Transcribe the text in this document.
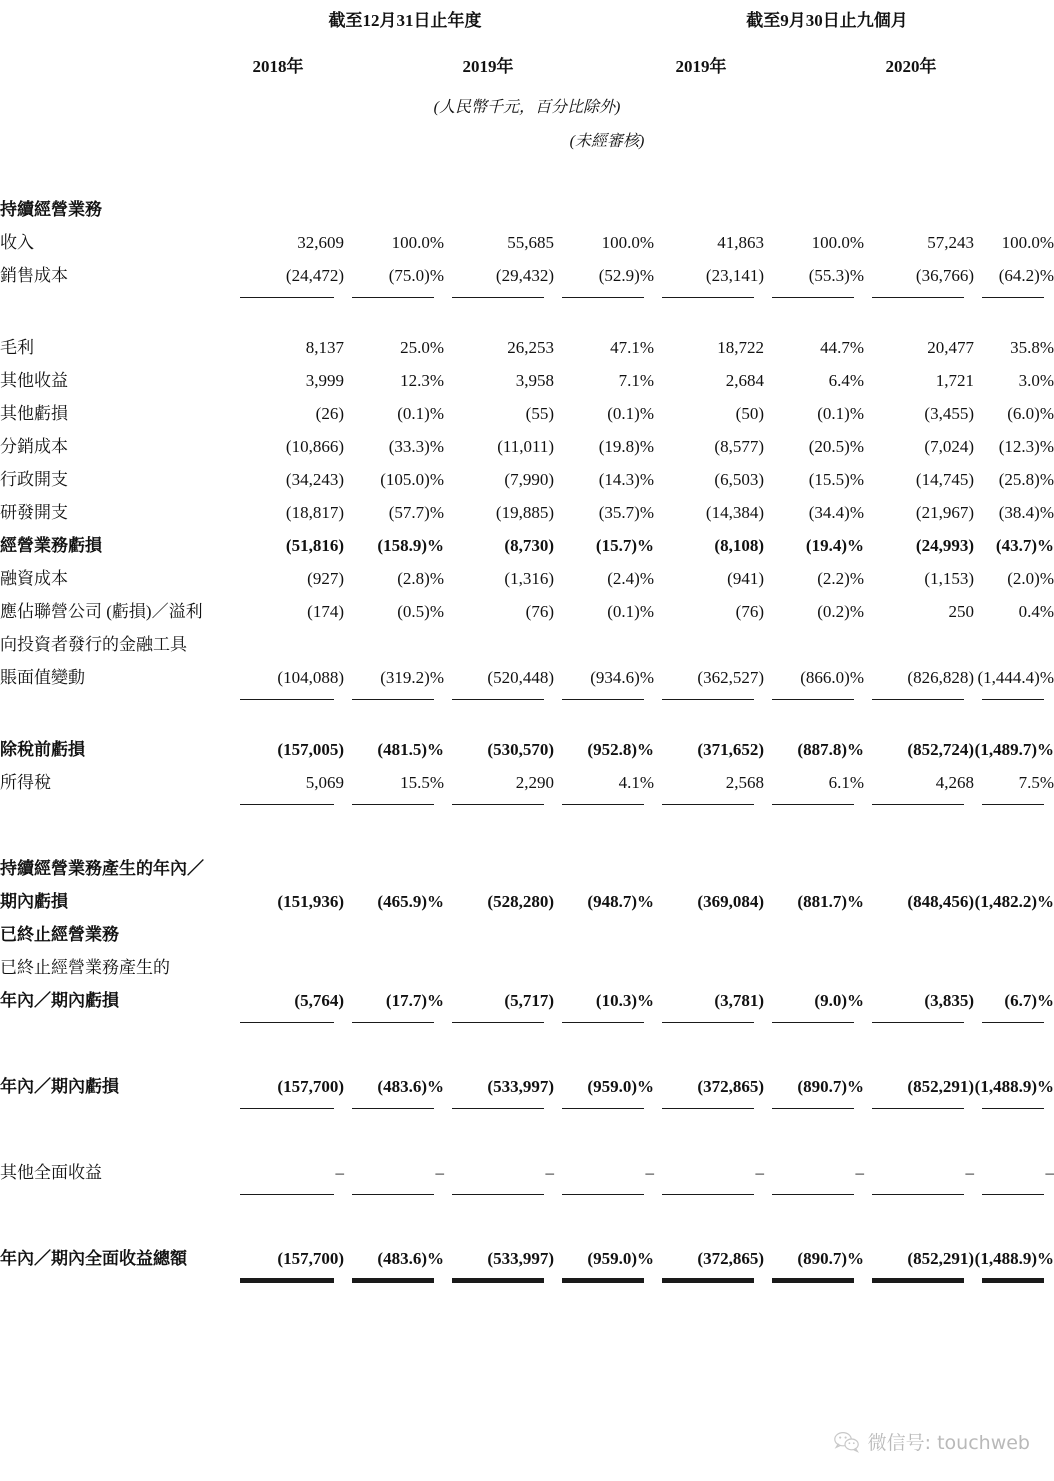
截至12月31日止年度	截至9月30日止九個月
2018年	2019年	2019年	2020年
(人民幣千元，百分比除外)
(未經審核)
持續經營業務								
收入	32,609	100.0%	55,685	100.0%	41,863	100.0%	57,243	100.0%
銷售成本	(24,472)	(75.0)%	(29,432)	(52.9)%	(23,141)	(55.3)%	(36,766)	(64.2)%

毛利	8,137	25.0%	26,253	47.1%	18,722	44.7%	20,477	35.8%
其他收益	3,999	12.3%	3,958	7.1%	2,684	6.4%	1,721	3.0%
其他虧損	(26)	(0.1)%	(55)	(0.1)%	(50)	(0.1)%	(3,455)	(6.0)%
分銷成本	(10,866)	(33.3)%	(11,011)	(19.8)%	(8,577)	(20.5)%	(7,024)	(12.3)%
行政開支	(34,243)	(105.0)%	(7,990)	(14.3)%	(6,503)	(15.5)%	(14,745)	(25.8)%
研發開支	(18,817)	(57.7)%	(19,885)	(35.7)%	(14,384)	(34.4)%	(21,967)	(38.4)%
經營業務虧損	(51,816)	(158.9)%	(8,730)	(15.7)%	(8,108)	(19.4)%	(24,993)	(43.7)%
融資成本	(927)	(2.8)%	(1,316)	(2.4)%	(941)	(2.2)%	(1,153)	(2.0)%
應佔聯營公司 (虧損)／溢利	(174)	(0.5)%	(76)	(0.1)%	(76)	(0.2)%	250	0.4%
向投資者發行的金融工具								
賬面值變動	(104,088)	(319.2)%	(520,448)	(934.6)%	(362,527)	(866.0)%	(826,828)	(1,444.4)%

除稅前虧損	(157,005)	(481.5)%	(530,570)	(952.8)%	(371,652)	(887.8)%	(852,724)	(1,489.7)%
所得稅	5,069	15.5%	2,290	4.1%	2,568	6.1%	4,268	7.5%

持續經營業務產生的年內／								
期內虧損	(151,936)	(465.9)%	(528,280)	(948.7)%	(369,084)	(881.7)%	(848,456)	(1,482.2)%
已終止經營業務								
已終止經營業務產生的								
年內／期內虧損	(5,764)	(17.7)%	(5,717)	(10.3)%	(3,781)	(9.0)%	(3,835)	(6.7)%

年內／期內虧損	(157,700)	(483.6)%	(533,997)	(959.0)%	(372,865)	(890.7)%	(852,291)	(1,488.9)%

其他全面收益	–	–	–	–	–	–	–	–

年內／期內全面收益總額	(157,700)	(483.6)%	(533,997)	(959.0)%	(372,865)	(890.7)%	(852,291)	(1,488.9)%

微信号: touchweb
